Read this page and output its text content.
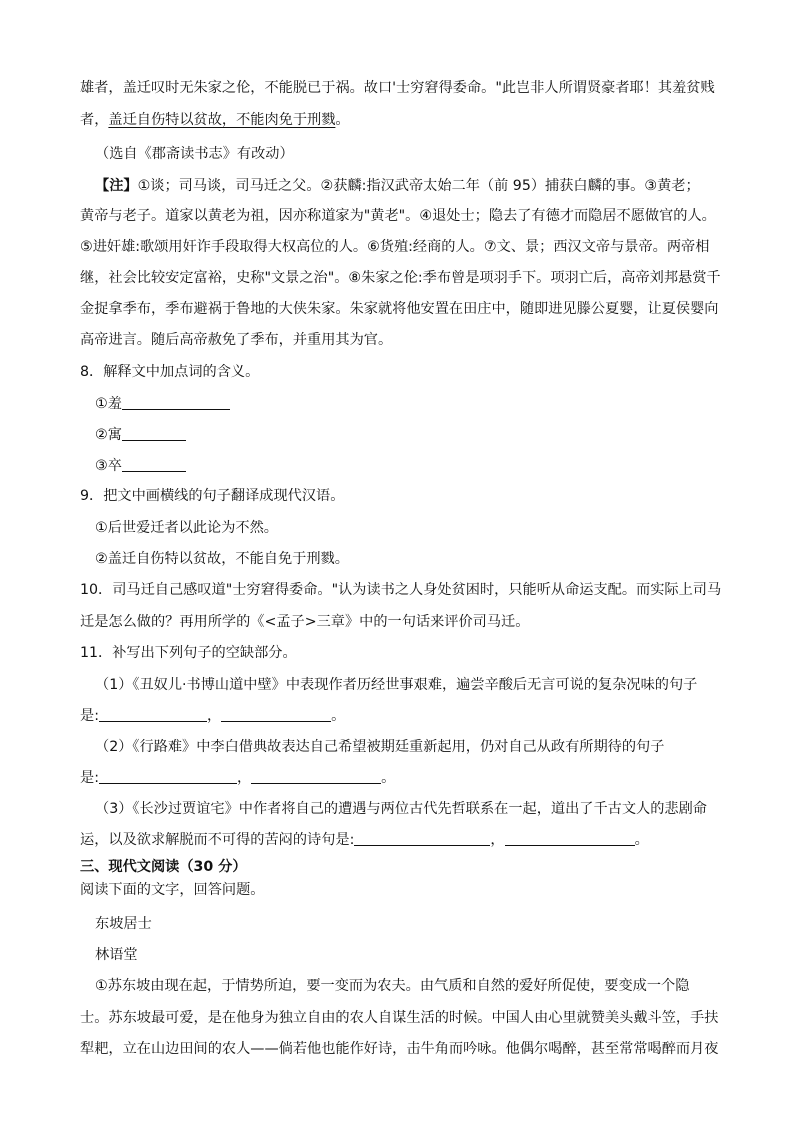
雄者，盖迁叹时无朱家之伦，不能脱已于祸。故口'士穷窘得委命。"此岂非人所谓贤豪者耶！其羞贫贱
者，盖迁自伤特以贫故，不能肉免于刑戮。
（选自《郡斋读书志》有改动）
【注】①谈；司马谈，司马迁之父。②获麟:指汉武帝太始二年（前 95）捕获白麟的事。③黄老；
黄帝与老子。道家以黄老为祖，因亦称道家为"黄老"。④退处士；隐去了有德才而隐居不愿做官的人。
⑤进奸雄:歌颂用奸诈手段取得大权高位的人。⑥货殖:经商的人。⑦文、景；西汉文帝与景帝。两帝相
继，社会比较安定富裕，史称"文景之治"。⑧朱家之伦:季布曾是项羽手下。项羽亡后，高帝刘邦悬赏千
金捉拿季布，季布避祸于鲁地的大侠朱家。朱家就将他安置在田庄中，随即进见滕公夏婴，让夏侯婴向
高帝进言。随后高帝赦免了季布，并重用其为官。
8．解释文中加点词的含义。
①羞
②寓
③卒
9．把文中画横线的句子翻译成现代汉语。
①后世爱迁者以此论为不然。
②盖迁自伤特以贫故，不能自免于刑戮。
10．司马迁自己感叹道"士穷窘得委命。"认为读书之人身处贫困时，只能听从命运支配。而实际上司马
迁是怎么做的？再用所学的《<孟子>三章》中的一句话来评价司马迁。
11．补写出下列句子的空缺部分。
（1）《丑奴儿·书博山道中壁》中表现作者历经世事艰难，遍尝辛酸后无言可说的复杂况味的句子
是:	，	。
（2）《行路难》中李白借典故表达自己希望被期廷重新起用，仍对自己从政有所期待的句子
是:	，	。
（3）《长沙过贾谊宅》中作者将自己的遭遇与两位古代先哲联系在一起，道出了千古文人的悲剧命
运，以及欲求解脱而不可得的苦闷的诗句是:	，	。
三、现代文阅读（30 分）
阅读下面的文字，回答问题。
东坡居士
林语堂
①苏东坡由现在起，于情势所迫，要一变而为农夫。由气质和自然的爱好所促使，要变成一个隐
士。苏东坡最可爱，是在他身为独立自由的农人自谋生活的时候。中国人由心里就赞美头戴斗笠，手扶
犁耙，立在山边田间的农人——倘若他也能作好诗，击牛角而吟咏。他偶尔喝醉，甚至常常喝醉而月夜
